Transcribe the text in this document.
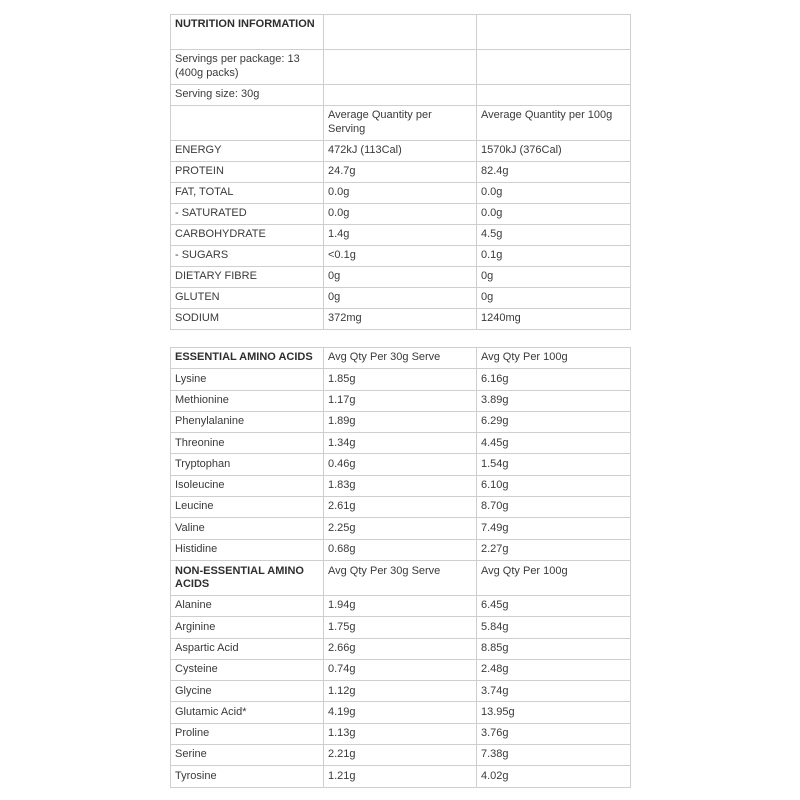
NUTRITION INFORMATION		
Servings per package: 13 (400g packs)		
Serving size: 30g		
	Average Quantity per Serving	Average Quantity per 100g
ENERGY	472kJ (113Cal)	1570kJ (376Cal)
PROTEIN	24.7g	82.4g
FAT, TOTAL	0.0g	0.0g
- SATURATED	0.0g	0.0g
CARBOHYDRATE	1.4g	4.5g
- SUGARS	<0.1g	0.1g
DIETARY FIBRE	0g	0g
GLUTEN	0g	0g
SODIUM	372mg	1240mg
ESSENTIAL AMINO ACIDS	Avg Qty Per 30g Serve	Avg Qty Per 100g
Lysine	1.85g	6.16g
Methionine	1.17g	3.89g
Phenylalanine	1.89g	6.29g
Threonine	1.34g	4.45g
Tryptophan	0.46g	1.54g
Isoleucine	1.83g	6.10g
Leucine	2.61g	8.70g
Valine	2.25g	7.49g
Histidine	0.68g	2.27g
NON-ESSENTIAL AMINO ACIDS	Avg Qty Per 30g Serve	Avg Qty Per 100g
Alanine	1.94g	6.45g
Arginine	1.75g	5.84g
Aspartic Acid	2.66g	8.85g
Cysteine	0.74g	2.48g
Glycine	1.12g	3.74g
Glutamic Acid*	4.19g	13.95g
Proline	1.13g	3.76g
Serine	2.21g	7.38g
Tyrosine	1.21g	4.02g
